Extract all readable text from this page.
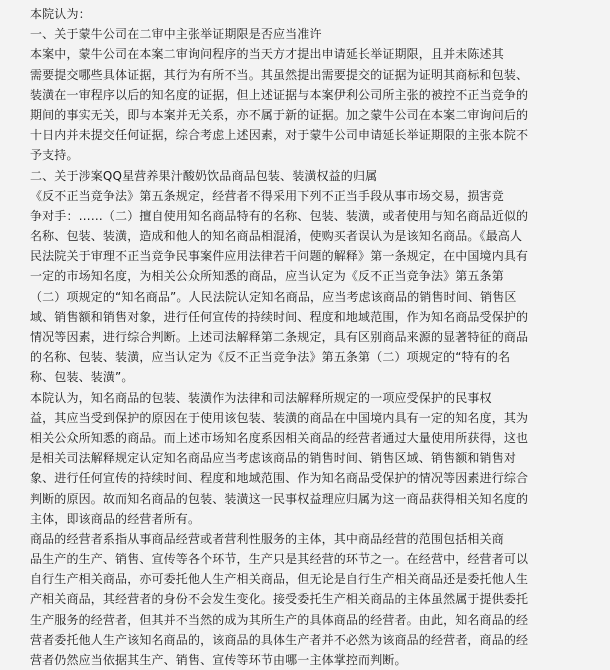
本院认为：

一、关于蒙牛公司在二审中主张举证期限是否应当准许

本案中，蒙牛公司在本案二审询问程序的当天方才提出申请延长举证期限，且并未陈述其

需要提交哪些具体证据，其行为有所不当。其虽然提出需要提交的证据为证明其商标和包装、

装潢在一审程序以后的知名度的证据，但上述证据与本案伊利公司所主张的被控不正当竞争的

期间的事实无关，即与本案并无关系，亦不属于新的证据。加之蒙牛公司在本案二审询问后的

十日内并未提交任何证据，综合考虑上述因素，对于蒙牛公司申请延长举证期限的主张本院不

予支持。

二、关于涉案QQ星营养果汁酸奶饮品商品包装、装潢权益的归属

《反不正当竞争法》第五条规定，经营者不得采用下列不正当手段从事市场交易，损害竞

争对手：……（二）擅自使用知名商品特有的名称、包装、装潢，或者使用与知名商品近似的

名称、包装、装潢，造成和他人的知名商品相混淆，使购买者误认为是该知名商品。《最高人

民法院关于审理不正当竞争民事案件应用法律若干问题的解释》第一条规定，在中国境内具有

一定的市场知名度，为相关公众所知悉的商品，应当认定为《反不正当竞争法》第五条第

（二）项规定的“知名商品”。人民法院认定知名商品，应当考虑该商品的销售时间、销售区

域、销售额和销售对象，进行任何宣传的持续时间、程度和地域范围，作为知名商品受保护的

情况等因素，进行综合判断。上述司法解释第二条规定，具有区别商品来源的显著特征的商品

的名称、包装、装潢，应当认定为《反不正当竞争法》第五条第（二）项规定的“特有的名

称、包装、装潢”。

本院认为，知名商品的包装、装潢作为法律和司法解释所规定的一项应受保护的民事权

益，其应当受到保护的原因在于使用该包装、装潢的商品在中国境内具有一定的知名度，其为

相关公众所知悉的商品。而上述市场知名度系因相关商品的经营者通过大量使用所获得，这也

是相关司法解释规定认定知名商品应当考虑该商品的销售时间、销售区域、销售额和销售对

象、进行任何宣传的持续时间、程度和地域范围、作为知名商品受保护的情况等因素进行综合

判断的原因。故而知名商品的包装、装潢这一民事权益理应归属为这一商品获得相关知名度的

主体，即该商品的经营者所有。

商品的经营者系指从事商品经营或者营利性服务的主体，其中商品经营的范围包括相关商

品生产的生产、销售、宣传等各个环节，生产只是其经营的环节之一。在经营中，经营者可以

自行生产相关商品，亦可委托他人生产相关商品，但无论是自行生产相关商品还是委托他人生

产相关商品，其经营者的身份不会发生变化。接受委托生产相关商品的主体虽然属于提供委托

生产服务的经营者，但其并不当然的成为其所生产的具体商品的经营者。由此，知名商品的经

营者委托他人生产该知名商品的，该商品的具体生产者并不必然为该商品的经营者，商品的经

营者仍然应当依据其生产、销售、宣传等环节由哪一主体掌控而判断。
